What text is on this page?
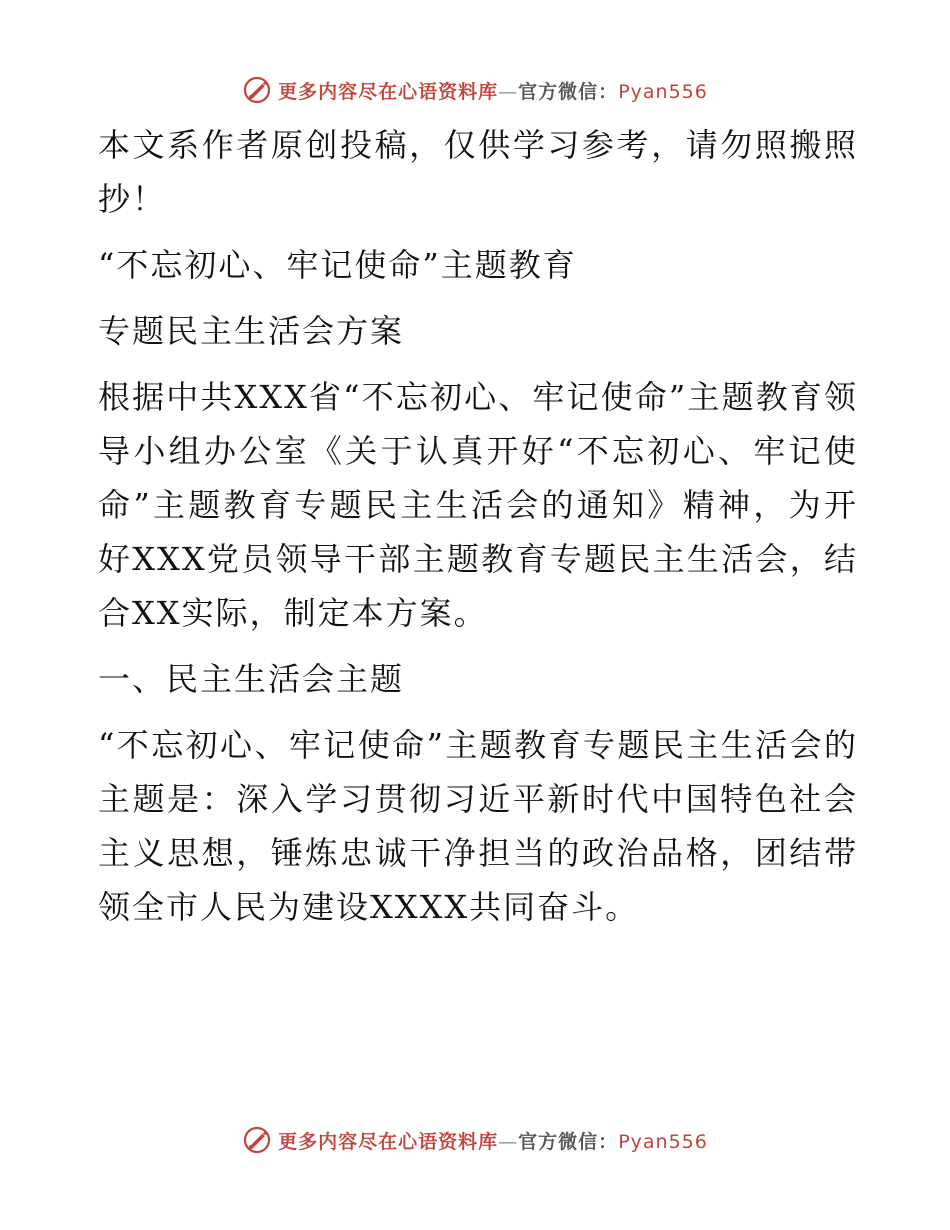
更多内容尽在心语资料库—官方微信：Pyan556

本文系作者原创投稿，仅供学习参考，请勿照搬照抄！

“不忘初心、牢记使命”主题教育

专题民主生活会方案

根据中共XXX省“不忘初心、牢记使命”主题教育领导小组办公室《关于认真开好“不忘初心、牢记使命”主题教育专题民主生活会的通知》精神，为开好XXX党员领导干部主题教育专题民主生活会，结合XX实际，制定本方案。

一、民主生活会主题

“不忘初心、牢记使命”主题教育专题民主生活会的主题是：深入学习贯彻习近平新时代中国特色社会主义思想，锤炼忠诚干净担当的政治品格，团结带领全市人民为建设XXXX共同奋斗。

更多内容尽在心语资料库—官方微信：Pyan556
